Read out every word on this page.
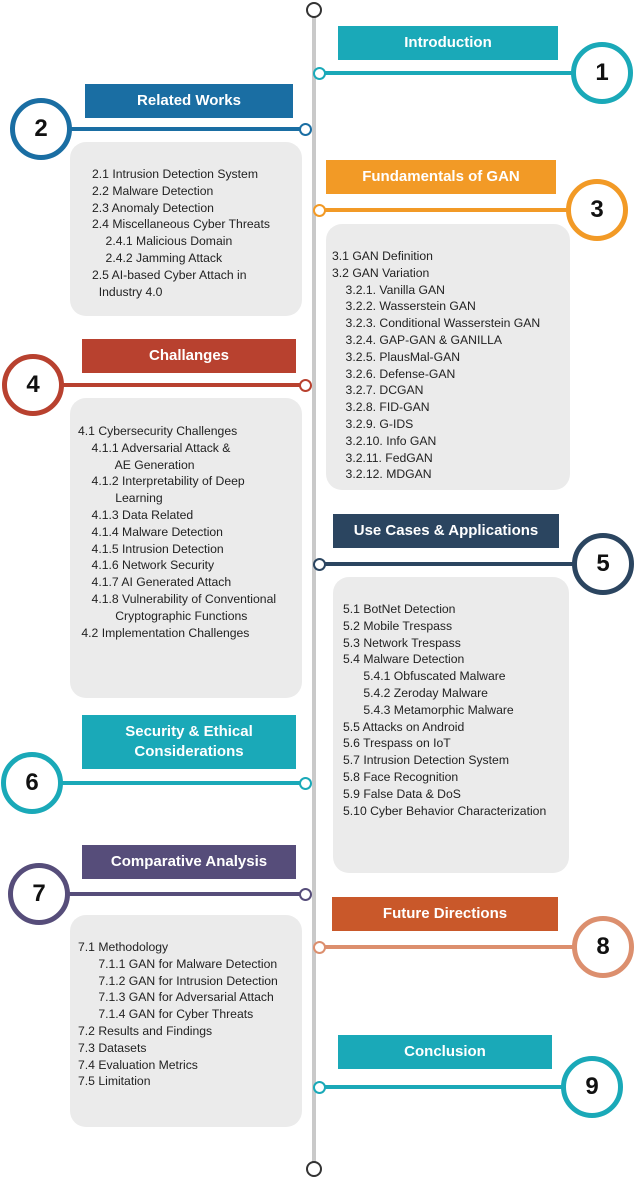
Introduction
1
2.1 Intrusion Detection System
2.2 Malware Detection
2.3 Anomaly Detection
2.4 Miscellaneous Cyber Threats
2.4.1 Malicious Domain
2.4.2 Jamming Attack
2.5 AI-based Cyber Attach in
Industry 4.0
Related Works
2
3.1 GAN Definition
3.2 GAN Variation
3.2.1. Vanilla GAN
3.2.2. Wasserstein GAN
3.2.3. Conditional Wasserstein GAN
3.2.4. GAP-GAN & GANILLA
3.2.5. PlausMal-GAN
3.2.6. Defense-GAN
3.2.7. DCGAN
3.2.8. FID-GAN
3.2.9. G-IDS
3.2.10. Info GAN
3.2.11. FedGAN
3.2.12. MDGAN
Fundamentals of GAN
3
4.1 Cybersecurity Challenges
4.1.1 Adversarial Attack &
AE Generation
4.1.2 Interpretability of Deep
Learning
4.1.3 Data Related
4.1.4 Malware Detection
4.1.5 Intrusion Detection
4.1.6 Network Security
4.1.7 AI Generated Attach
4.1.8 Vulnerability of Conventional
Cryptographic Functions
4.2 Implementation Challenges
Challanges
4
5.1 BotNet Detection
5.2 Mobile Trespass
5.3 Network Trespass
5.4 Malware Detection
5.4.1 Obfuscated Malware
5.4.2 Zeroday Malware
5.4.3 Metamorphic Malware
5.5 Attacks on Android
5.6 Trespass on IoT
5.7 Intrusion Detection System
5.8 Face Recognition
5.9 False Data & DoS
5.10 Cyber Behavior Characterization
Use Cases & Applications
5
Security & Ethical Considerations
6
7.1 Methodology
7.1.1 GAN for Malware Detection
7.1.2 GAN for Intrusion Detection
7.1.3 GAN for Adversarial Attach
7.1.4 GAN for Cyber Threats
7.2 Results and Findings
7.3 Datasets
7.4 Evaluation Metrics
7.5 Limitation
Comparative Analysis
7
Future Directions
8
Conclusion
9
